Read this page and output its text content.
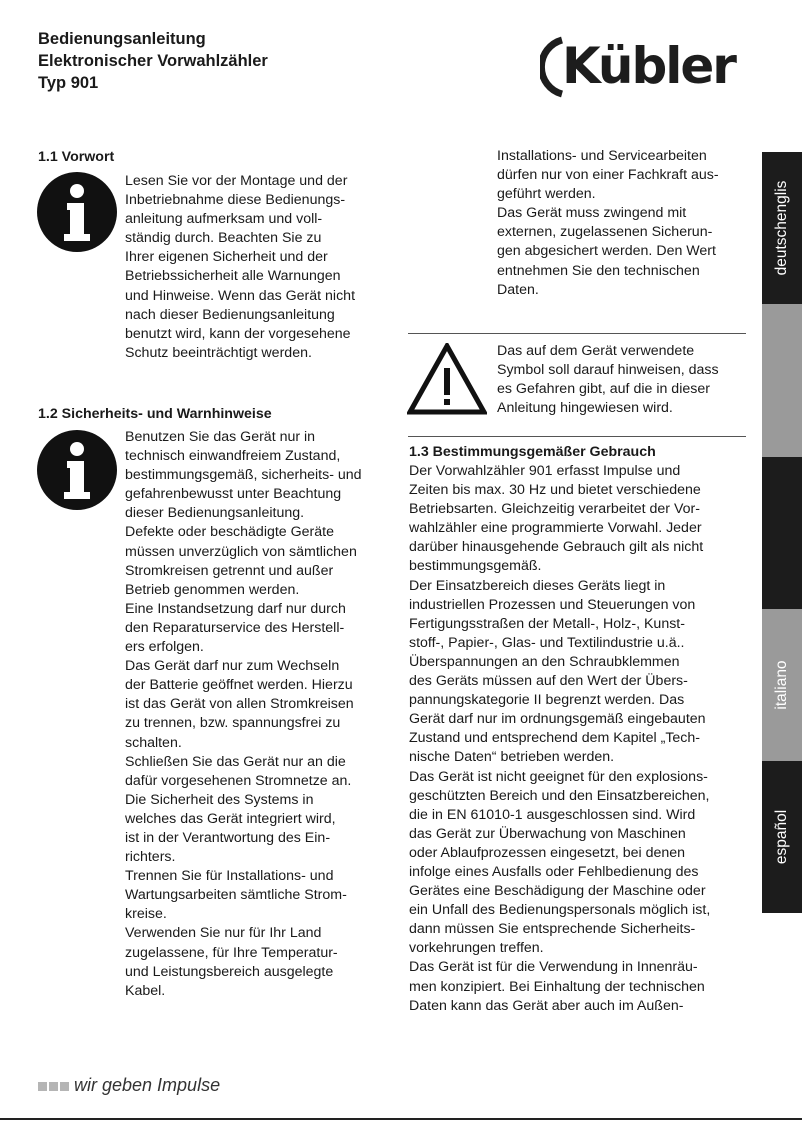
Bedienungsanleitung
Elektronischer Vorwahlzähler
Typ 901	Kübler
1.1 Vorwort
Lesen Sie vor der Montage und der
Inbetriebnahme diese Bedienungs-
anleitung aufmerksam und voll-
ständig durch. Beachten Sie zu
Ihrer eigenen Sicherheit und der
Betriebssicherheit alle Warnungen
und Hinweise. Wenn das Gerät nicht
nach dieser Bedienungsanleitung
benutzt wird, kann der vorgesehene
Schutz beeinträchtigt werden.
1.2 Sicherheits- und Warnhinweise
Benutzen Sie das Gerät nur in
technisch einwandfreiem Zustand,
bestimmungsgemäß, sicherheits- und
gefahrenbewusst unter Beachtung
dieser Bedienungsanleitung.
Defekte oder beschädigte Geräte
müssen unverzüglich von sämtlichen
Stromkreisen getrennt und außer
Betrieb genommen werden.
Eine Instandsetzung darf nur durch
den Reparaturservice des Herstell-
ers erfolgen.
Das Gerät darf nur zum Wechseln
der Batterie geöffnet werden. Hierzu
ist das Gerät von allen Stromkreisen
zu trennen, bzw. spannungsfrei zu
schalten.
Schließen Sie das Gerät nur an die
dafür vorgesehenen Stromnetze an.
Die Sicherheit des Systems in
welches das Gerät integriert wird,
ist in der Verantwortung des Ein-
richters.
Trennen Sie für Installations- und
Wartungsarbeiten sämtliche Strom-
kreise.
Verwenden Sie nur für Ihr Land
zugelassene, für Ihre Temperatur-
und Leistungsbereich ausgelegte
Kabel.
Installations- und Servicearbeiten
dürfen nur von einer Fachkraft aus-
geführt werden.
Das Gerät muss zwingend mit
externen, zugelassenen Sicherun-
gen abgesichert werden. Den Wert
entnehmen Sie den technischen
Daten.
Das auf dem Gerät verwendete
Symbol soll darauf hinweisen, dass
es Gefahren gibt, auf die in dieser
Anleitung hingewiesen wird.
1.3 Bestimmungsgemäßer Gebrauch
Der Vorwahlzähler 901 erfasst Impulse und
Zeiten bis max. 30 Hz und bietet verschiedene
Betriebsarten. Gleichzeitig verarbeitet der Vor-
wahlzähler eine programmierte Vorwahl. Jeder
darüber hinausgehende Gebrauch gilt als nicht
bestimmungsgemäß.
Der Einsatzbereich dieses Geräts liegt in
industriellen Prozessen und Steuerungen von
Fertigungsstraßen der Metall-, Holz-, Kunst-
stoff-, Papier-, Glas- und Textilindustrie u.ä..
Überspannungen an den Schraubklemmen
des Geräts müssen auf den Wert der Übers-
pannungskategorie II begrenzt werden. Das
Gerät darf nur im ordnungsgemäß eingebauten
Zustand und entsprechend dem Kapitel „Tech-
nische Daten“ betrieben werden.
Das Gerät ist nicht geeignet für den explosions-
geschützten Bereich und den Einsatzbereichen,
die in EN 61010-1 ausgeschlossen sind. Wird
das Gerät zur Überwachung von Maschinen
oder Ablaufprozessen eingesetzt, bei denen
infolge eines Ausfalls oder Fehlbedienung des
Gerätes eine Beschädigung der Maschine oder
ein Unfall des Bedienungspersonals möglich ist,
dann müssen Sie entsprechende Sicherheits-
vorkehrungen treffen.
Das Gerät ist für die Verwendung in Innenräu-
men konzipiert. Bei Einhaltung der technischen
Daten kann das Gerät aber auch im Außen-
deutschenglis
italiano
español
wir geben Impulse
